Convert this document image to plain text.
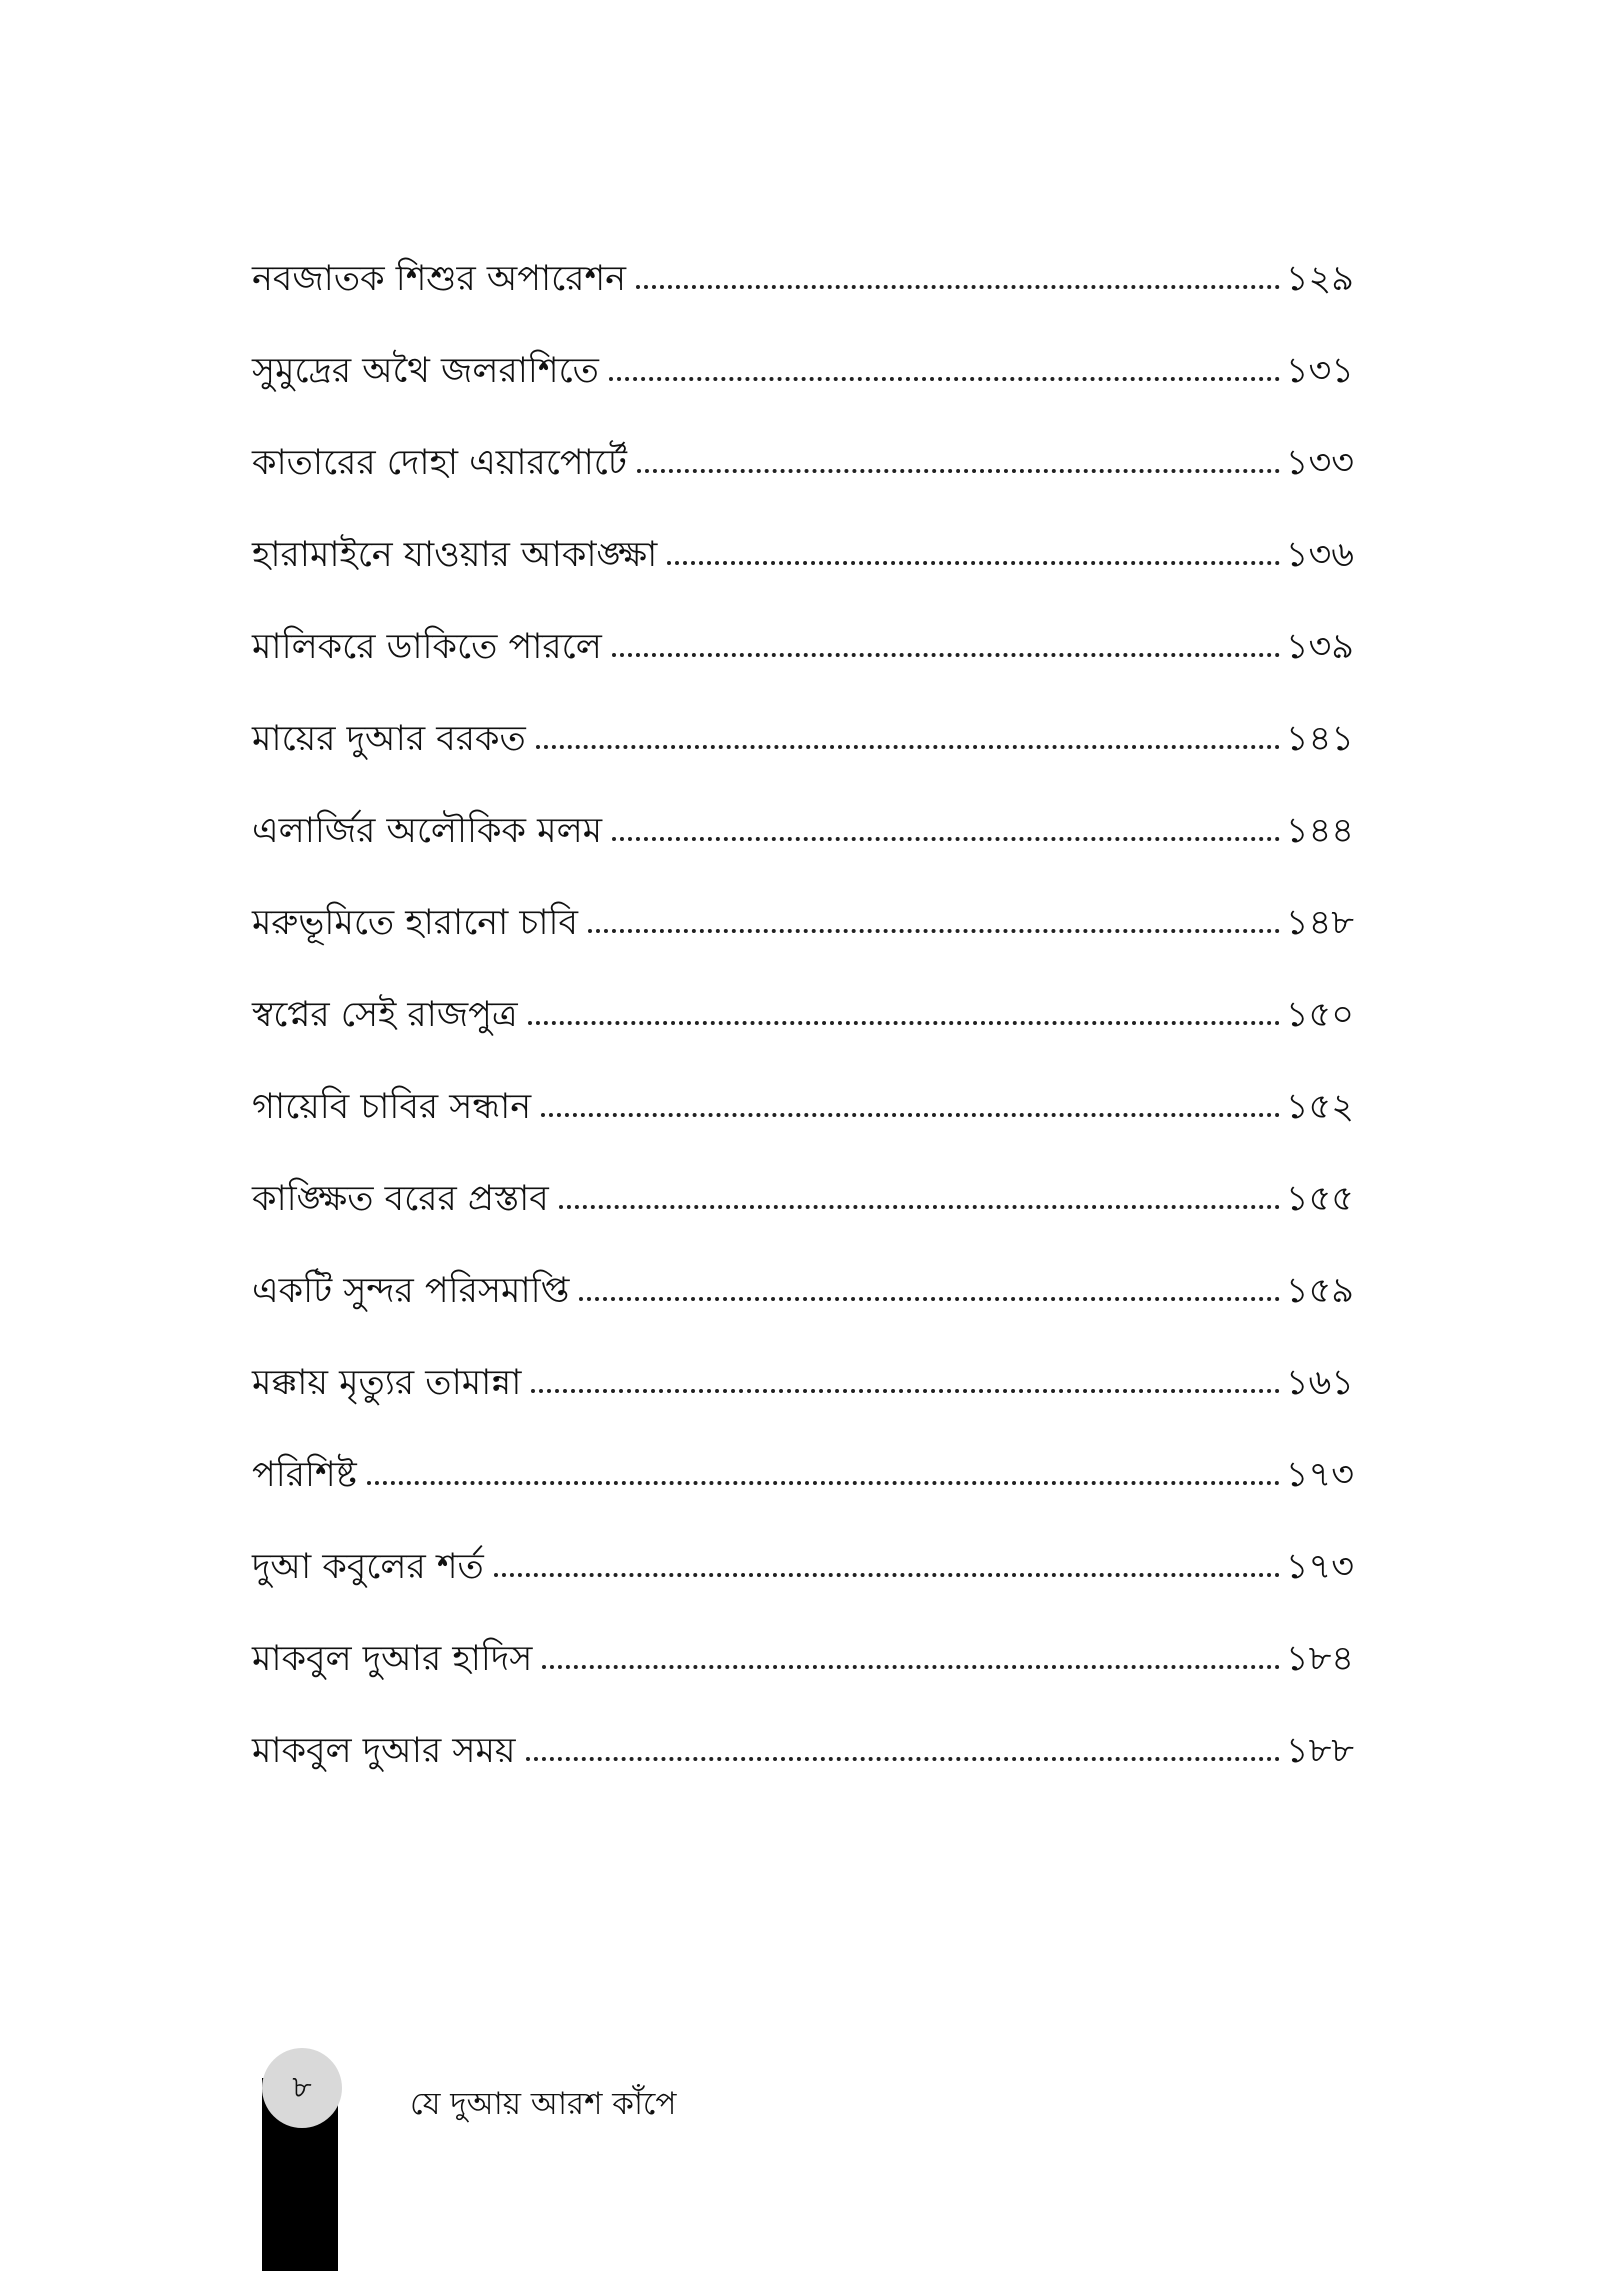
নবজাতক শিশুর অপারেশন	১২৯
সুমুদ্রের অথৈ জলরাশিতে	১৩১
কাতারের দোহা এয়ারপোর্টে	১৩৩
হারামাইনে যাওয়ার আকাঙ্ক্ষা	১৩৬
মালিকরে ডাকিতে পারলে	১৩৯
মায়ের দুআর বরকত	১৪১
এলার্জির অলৌকিক মলম	১৪৪
মরুভূমিতে হারানো চাবি	১৪৮
স্বপ্নের সেই রাজপুত্র	১৫০
গায়েবি চাবির সন্ধান	১৫২
কাঙ্ক্ষিত বরের প্রস্তাব	১৫৫
একটি সুন্দর পরিসমাপ্তি	১৫৯
মক্কায় মৃত্যুর তামান্না	১৬১
পরিশিষ্ট	১৭৩
দুআ কবুলের শর্ত	১৭৩
মাকবুল দুআর হাদিস	১৮৪
মাকবুল দুআর সময়	১৮৮
৮	যে দুআয় আরশ কাঁপে
